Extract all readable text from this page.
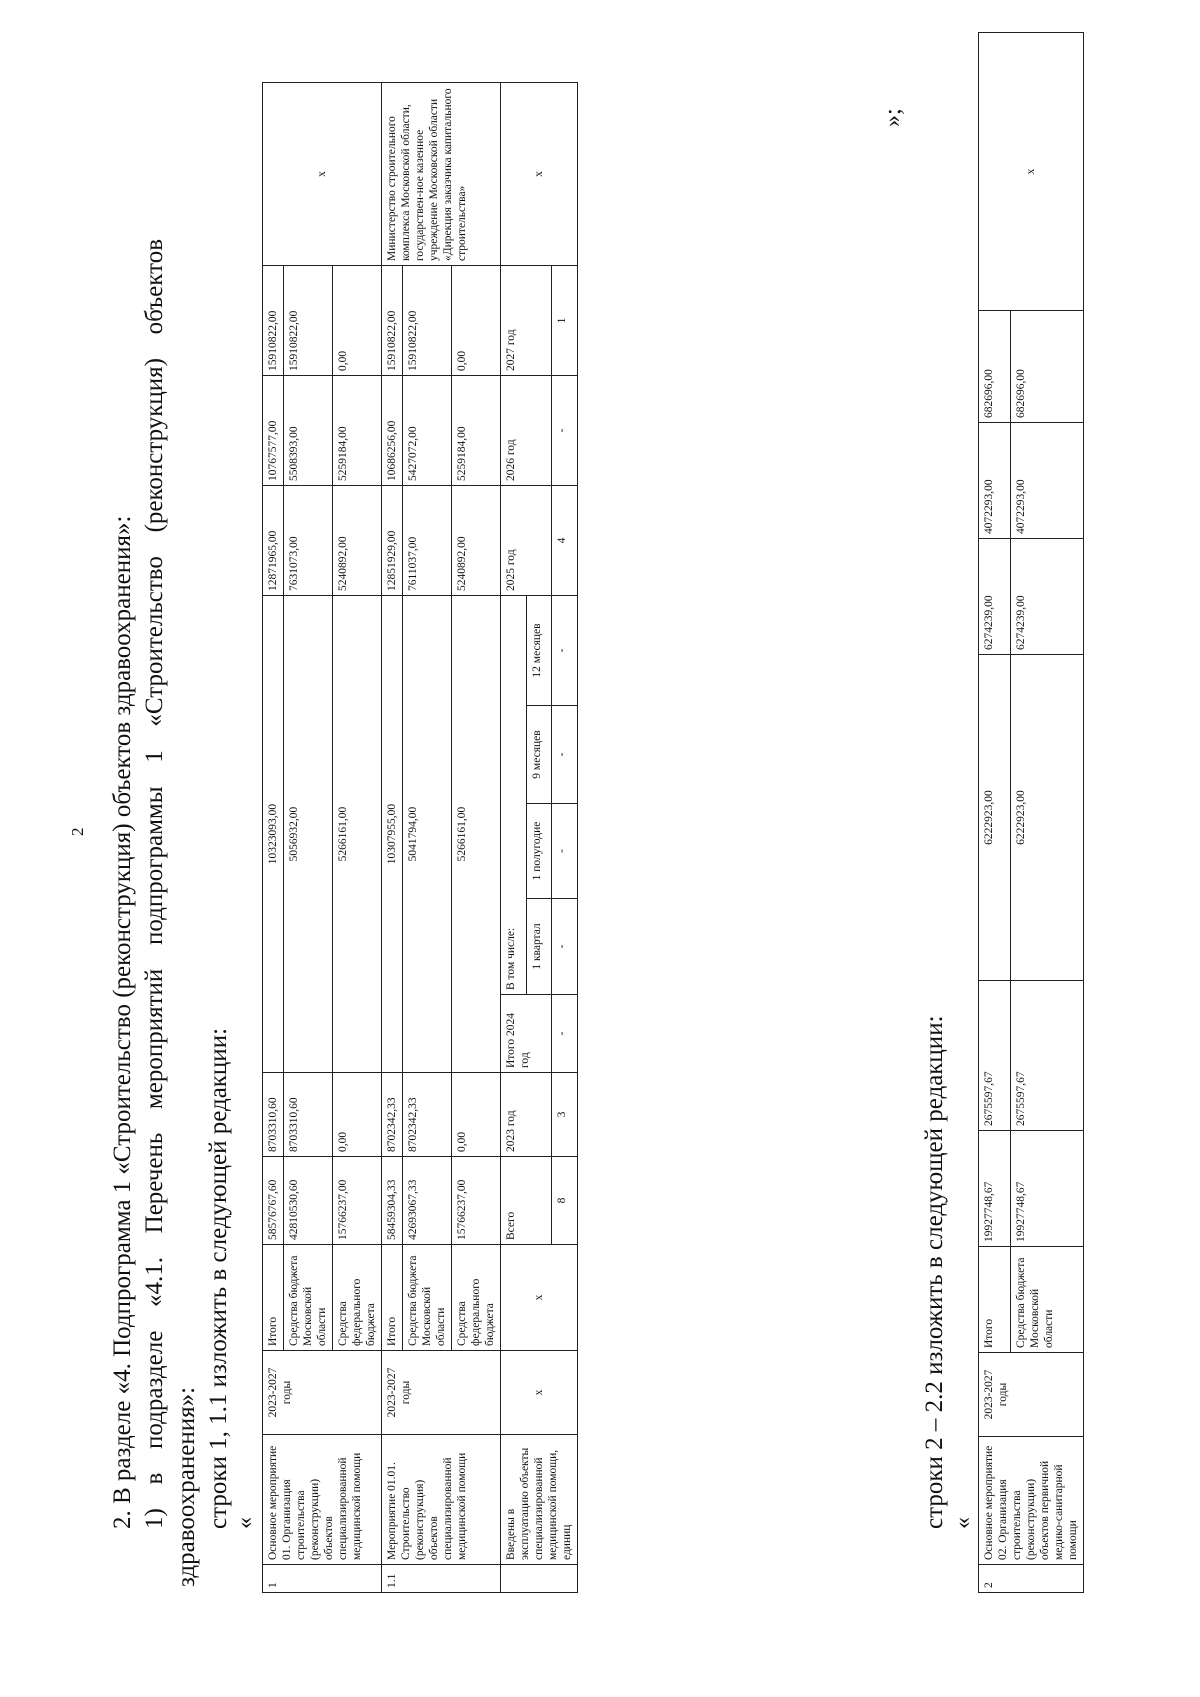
2 2. В разделе «4. Подпрограмма 1 «Строительство (реконструкция) объектов здравоохранения»: 1) в подразделе «4.1. Перечень мероприятий подпрограммы 1 «Строительство (реконструкция) объектов здравоохранения»: строки 1, 1.1 изложить в следующей редакции: «
1	Основное мероприятие 01. Организация строительства (реконструкции) объектов специализированной медицинской помощи	2023-2027 годы	Итого	58576767,60	8703310,60	10323093,00					12871965,00	10767577,00	15910822,00	x
			Средства бюджета Московской области	42810530,60	8703310,60	5056932,00					7631073,00	5508393,00	15910822,00	
			Средства федерального бюджета	15766237,00	0,00	5266161,00					5240892,00	5259184,00	0,00	
1.1	Мероприятие 01.01. Строительство (реконструкция) объектов специализированной медицинской помощи	2023-2027 годы	Итого	58459304,33	8702342,33	10307955,00					12851929,00	10686256,00	15910822,00	Министерство строительного комплекса Московской области, государствен-ное казенное учреждение Московской области «Дирекция заказчика капитального строительства»
			Средства бюджета Московской области	42693067,33	8702342,33	5041794,00					7611037,00	5427072,00	15910822,00	
			Средства федерального бюджета	15766237,00	0,00	5266161,00					5240892,00	5259184,00	0,00	
	Введены в эксплуатацию объекты специализированной медицинской помощи, единиц	x	x	Всего	2023 год	Итого 2024 год	В том числе:				2025 год	2026 год	2027 год	x
							1 квартал	1 полугодие	9 месяцев	12 месяцев				
				8	3	-	-	-	-	-	4	-	1	
»;
строки 2 – 2.2 изложить в следующей редакции: «
2	Основное мероприятие 02. Организация строительства (реконструкции) объектов первичной медико-санитарной помощи	2023-2027 годы	Итого	19927748,67	2675597,67	6222923,00	6274239,00	4072293,00	682696,00	x
			Средства бюджета Московской области	19927748,67	2675597,67	6222923,00	6274239,00	4072293,00	682696,00	
